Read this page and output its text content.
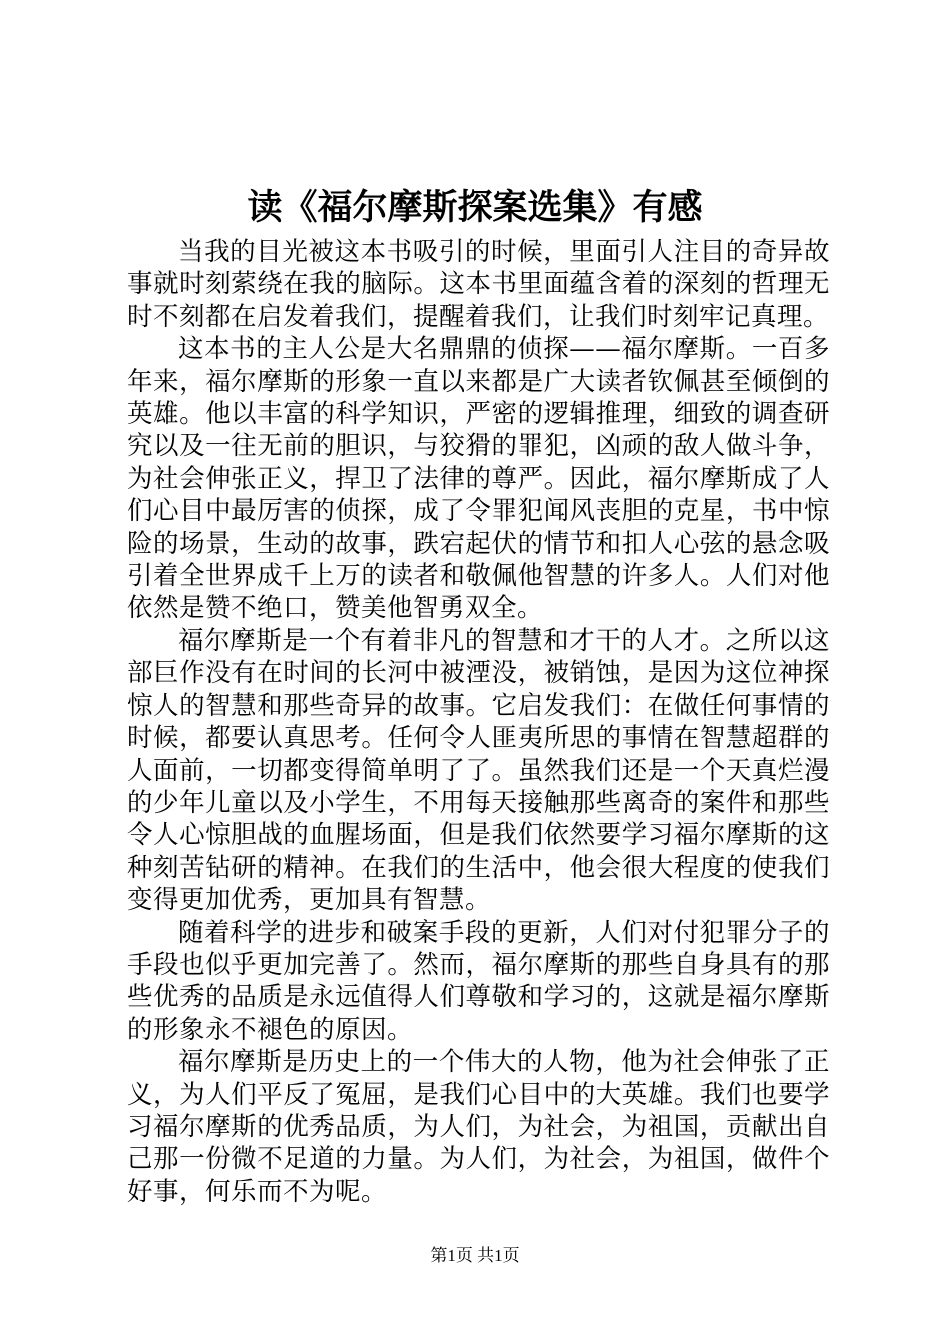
读《福尔摩斯探案选集》有感

当我的目光被这本书吸引的时候，里面引人注目的奇异故事就时刻萦绕在我的脑际。这本书里面蕴含着的深刻的哲理无时不刻都在启发着我们，提醒着我们，让我们时刻牢记真理。

这本书的主人公是大名鼎鼎的侦探——福尔摩斯。一百多年来，福尔摩斯的形象一直以来都是广大读者钦佩甚至倾倒的英雄。他以丰富的科学知识，严密的逻辑推理，细致的调查研究以及一往无前的胆识，与狡猾的罪犯，凶顽的敌人做斗争，为社会伸张正义，捍卫了法律的尊严。因此，福尔摩斯成了人们心目中最厉害的侦探，成了令罪犯闻风丧胆的克星，书中惊险的场景，生动的故事，跌宕起伏的情节和扣人心弦的悬念吸引着全世界成千上万的读者和敬佩他智慧的许多人。人们对他依然是赞不绝口，赞美他智勇双全。

福尔摩斯是一个有着非凡的智慧和才干的人才。之所以这部巨作没有在时间的长河中被湮没，被销蚀，是因为这位神探惊人的智慧和那些奇异的故事。它启发我们：在做任何事情的时候，都要认真思考。任何令人匪夷所思的事情在智慧超群的人面前，一切都变得简单明了了。虽然我们还是一个天真烂漫的少年儿童以及小学生，不用每天接触那些离奇的案件和那些令人心惊胆战的血腥场面，但是我们依然要学习福尔摩斯的这种刻苦钻研的精神。在我们的生活中，他会很大程度的使我们变得更加优秀，更加具有智慧。

随着科学的进步和破案手段的更新，人们对付犯罪分子的手段也似乎更加完善了。然而，福尔摩斯的那些自身具有的那些优秀的品质是永远值得人们尊敬和学习的，这就是福尔摩斯的形象永不褪色的原因。

福尔摩斯是历史上的一个伟大的人物，他为社会伸张了正义，为人们平反了冤屈，是我们心目中的大英雄。我们也要学习福尔摩斯的优秀品质，为人们，为社会，为祖国，贡献出自己那一份微不足道的力量。为人们，为社会，为祖国，做件个好事，何乐而不为呢。

第1页 共1页
